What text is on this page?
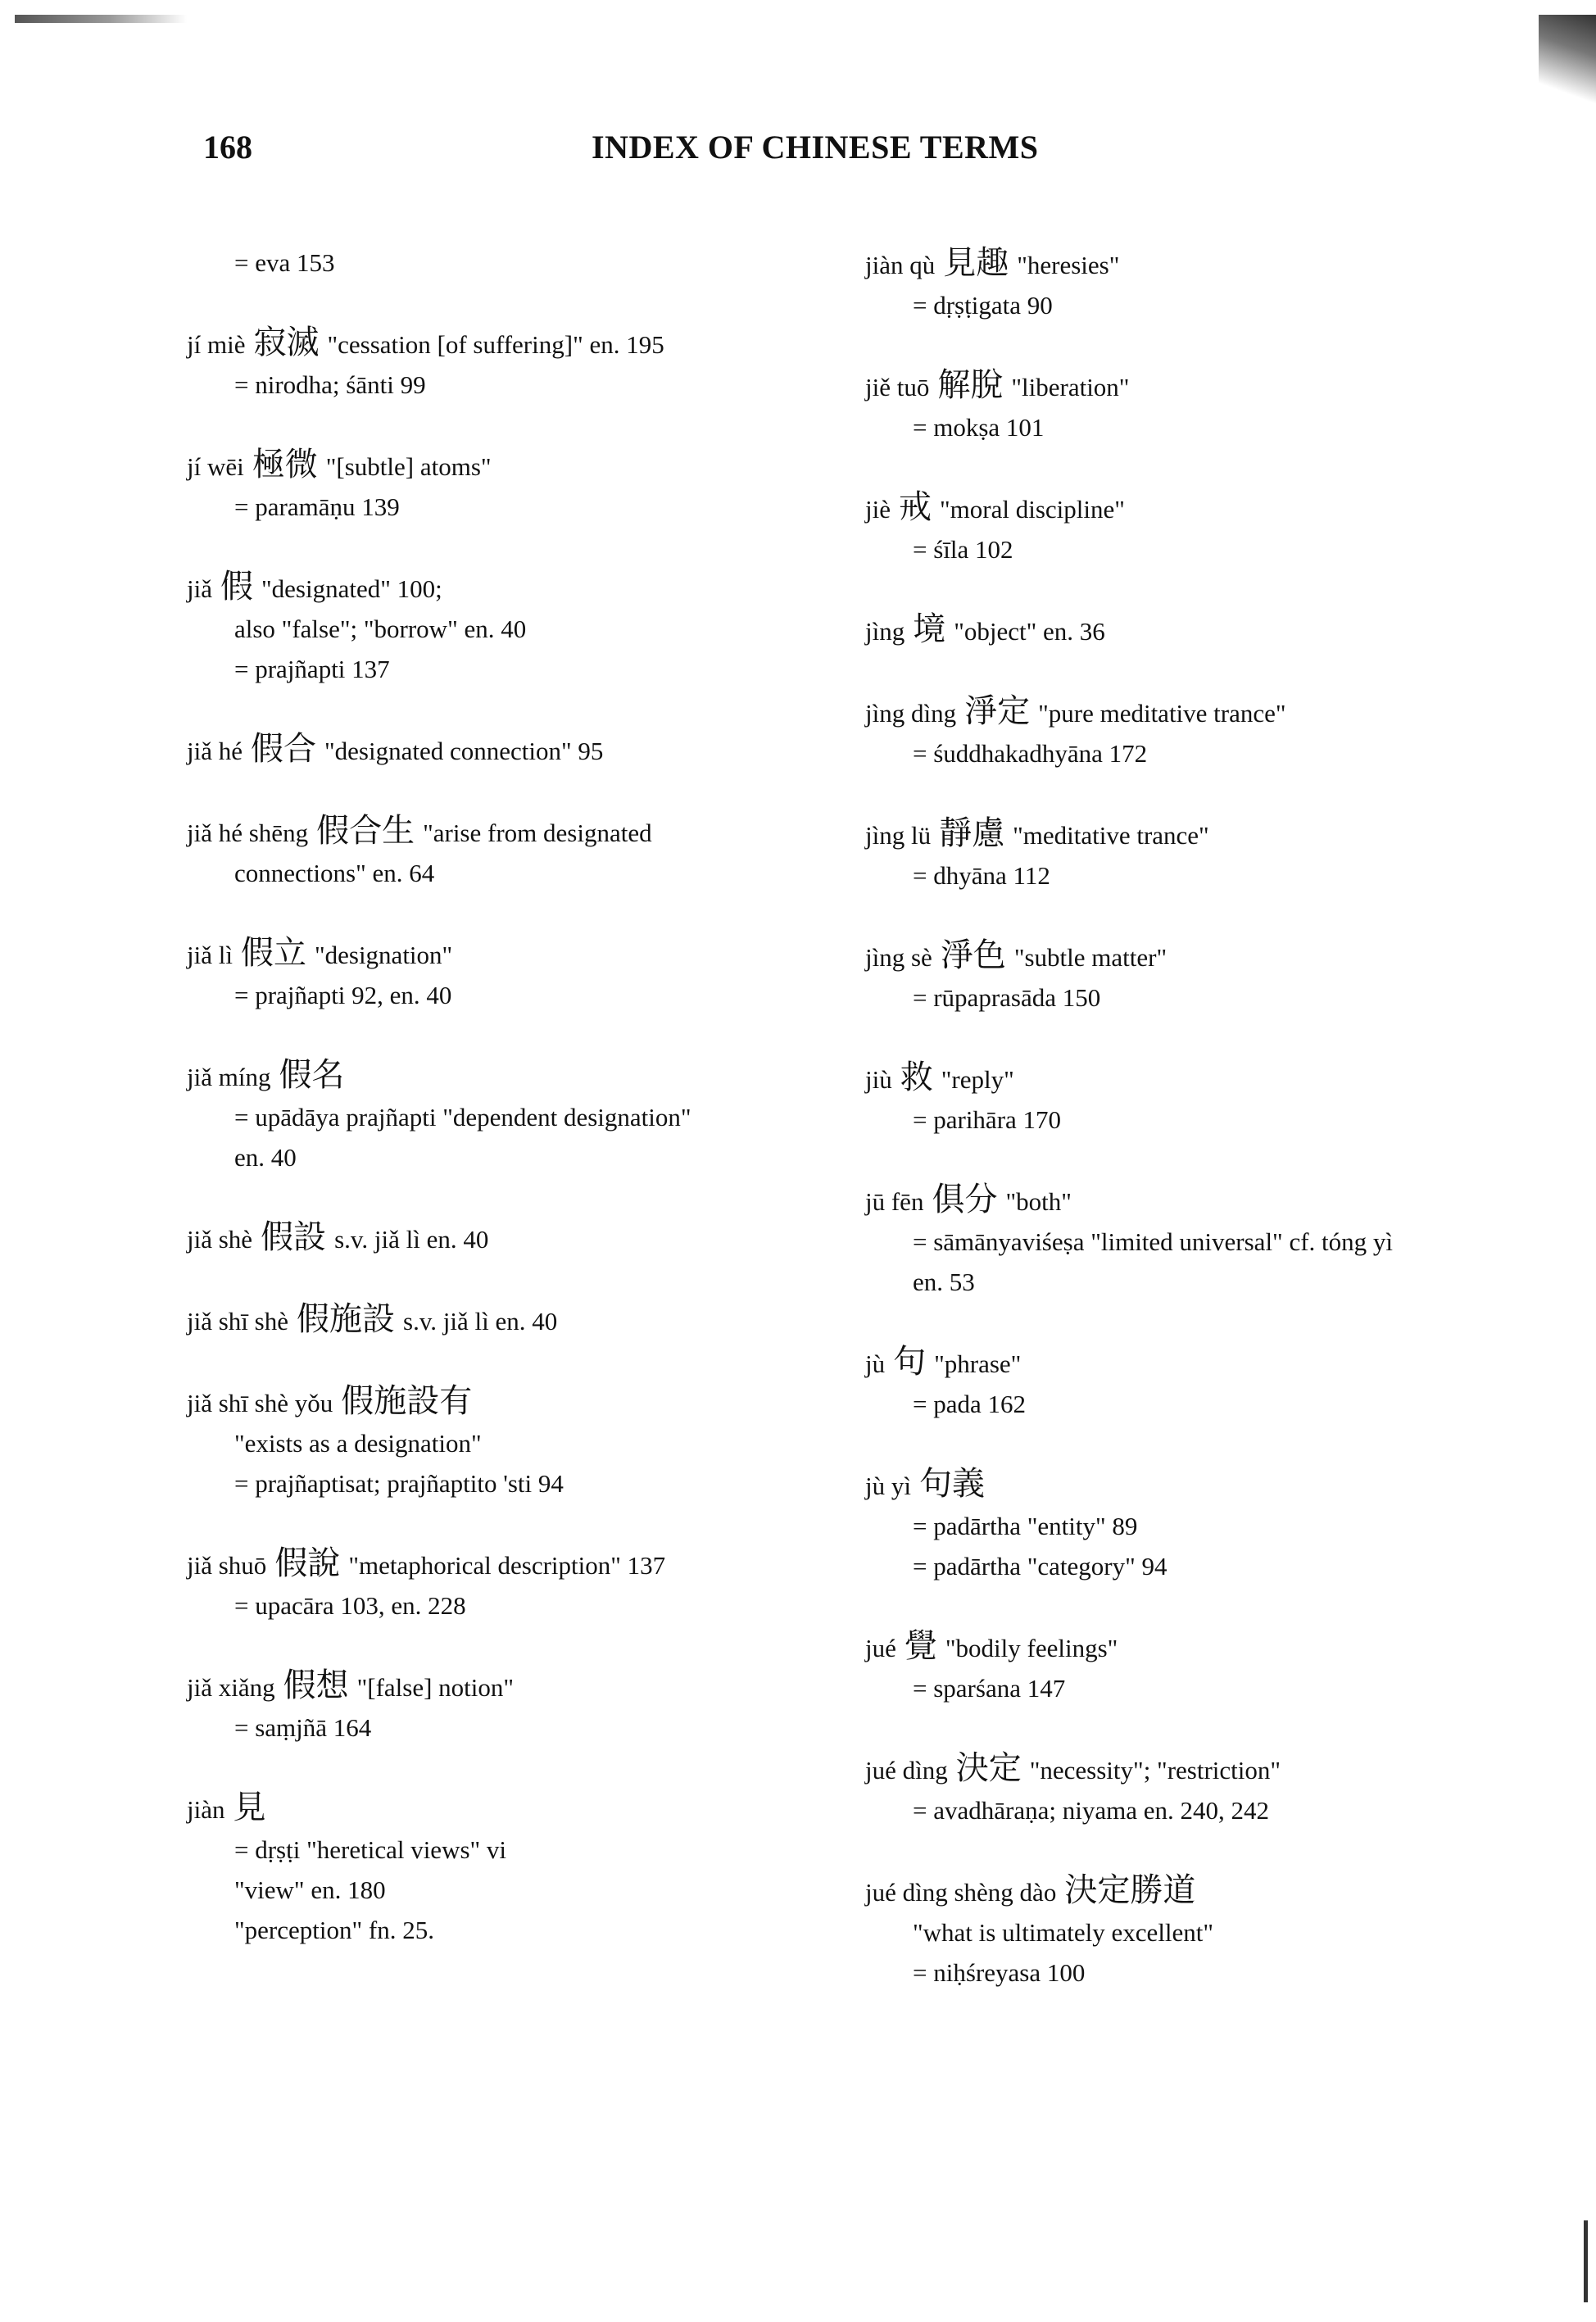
168	INDEX OF CHINESE TERMS
= eva 153
jí miè 寂滅 "cessation [of suffering]" en. 195
= nirodha; śānti 99
jí wēi 極微 "[subtle] atoms"
= paramāṇu 139
jiǎ 假 "designated" 100;
also "false"; "borrow" en. 40
= prajñapti 137
jiǎ hé 假合 "designated connection" 95
jiǎ hé shēng 假合生 "arise from designated
connections" en. 64
jiǎ lì 假立 "designation"
= prajñapti 92, en. 40
jiǎ míng 假名
= upādāya prajñapti "dependent designation"
en. 40
jiǎ shè 假設 s.v. jiǎ lì en. 40
jiǎ shī shè 假施設 s.v. jiǎ lì en. 40
jiǎ shī shè yǒu 假施設有
"exists as a designation"
= prajñaptisat; prajñaptito 'sti 94
jiǎ shuō 假說 "metaphorical description" 137
= upacāra 103, en. 228
jiǎ xiǎng 假想 "[false] notion"
= saṃjñā 164
jiàn 見
= dṛṣṭi "heretical views" vi
"view" en. 180
"perception" fn. 25.
jiàn qù 見趣 "heresies"
= dṛṣṭigata 90
jiě tuō 解脫 "liberation"
= mokṣa 101
jiè 戒 "moral discipline"
= śīla 102
jìng 境 "object" en. 36
jìng dìng 淨定 "pure meditative trance"
= śuddhakadhyāna 172
jìng lü 靜慮 "meditative trance"
= dhyāna 112
jìng sè 淨色 "subtle matter"
= rūpaprasāda 150
jiù 救 "reply"
= parihāra 170
jū fēn 俱分 "both"
= sāmānyaviśeṣa "limited universal" cf. tóng yì
en. 53
jù 句 "phrase"
= pada 162
jù yì 句義
= padārtha "entity" 89
= padārtha "category" 94
jué 覺 "bodily feelings"
= sparśana 147
jué dìng 決定 "necessity"; "restriction"
= avadhāraṇa; niyama en. 240, 242
jué dìng shèng dào 決定勝道
"what is ultimately excellent"
= niḥśreyasa 100
